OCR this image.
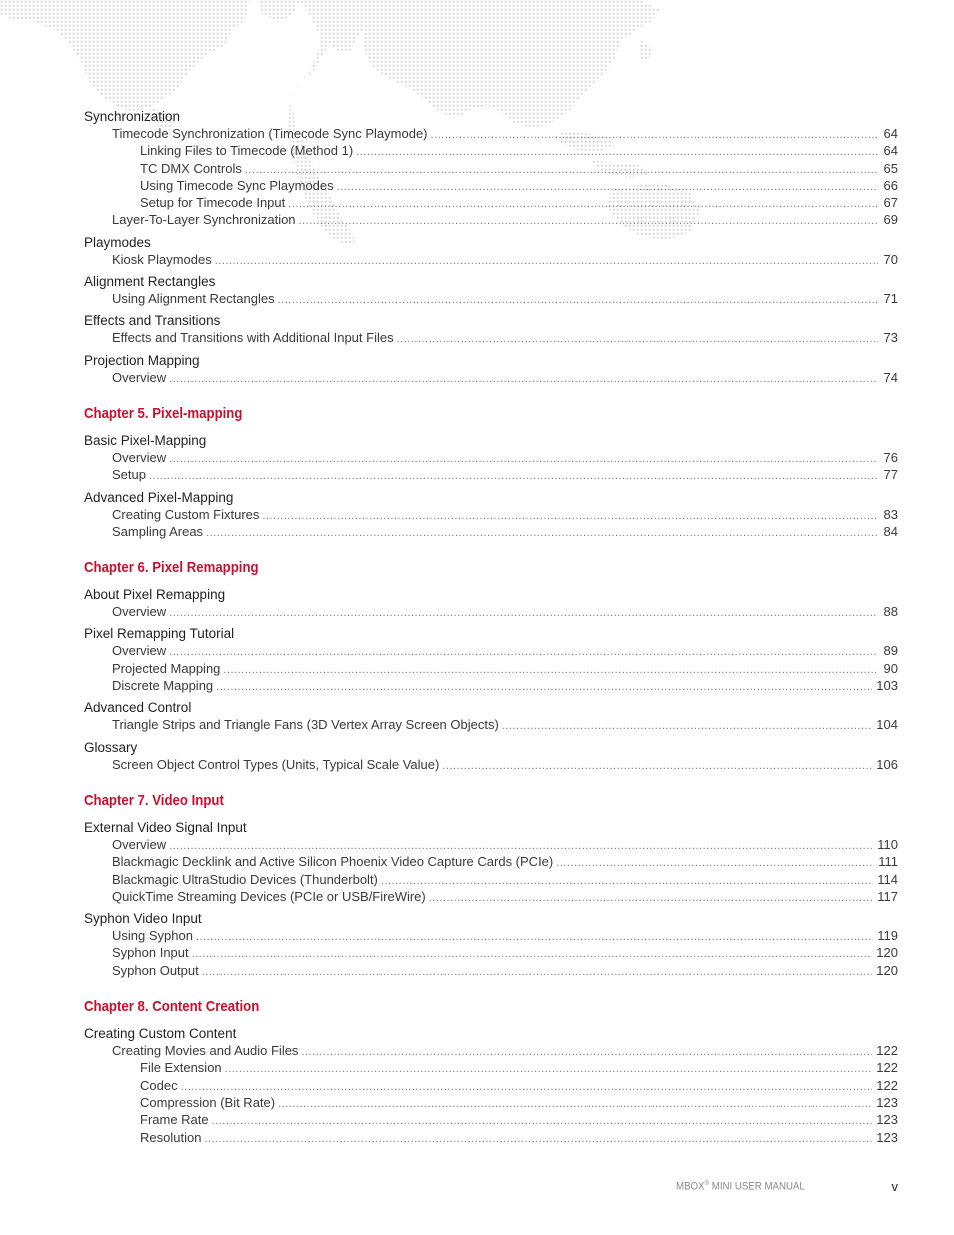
Synchronization
Timecode Synchronization (Timecode Sync Playmode) .....	64
Linking Files to Timecode (Method 1) .....	64
TC DMX Controls .....	65
Using Timecode Sync Playmodes .....	66
Setup for Timecode Input .....	67
Layer-To-Layer Synchronization .....	69
Playmodes
Kiosk Playmodes .....	70
Alignment Rectangles
Using Alignment Rectangles .....	71
Effects and Transitions
Effects and Transitions with Additional Input Files .....	73
Projection Mapping
Overview .....	74
Chapter 5. Pixel-mapping
Basic Pixel-Mapping
Overview .....	76
Setup .....	77
Advanced Pixel-Mapping
Creating Custom Fixtures .....	83
Sampling Areas .....	84
Chapter 6. Pixel Remapping
About Pixel Remapping
Overview .....	88
Pixel Remapping Tutorial
Overview .....	89
Projected Mapping .....	90
Discrete Mapping .....	103
Advanced Control
Triangle Strips and Triangle Fans (3D Vertex Array Screen Objects) .....	104
Glossary
Screen Object Control Types (Units, Typical Scale Value) .....	106
Chapter 7. Video Input
External Video Signal Input
Overview .....	110
Blackmagic Decklink and Active Silicon Phoenix Video Capture Cards (PCIe) .....	111
Blackmagic UltraStudio Devices (Thunderbolt) .....	114
QuickTime Streaming Devices (PCIe or USB/FireWire) .....	117
Syphon Video Input
Using Syphon .....	119
Syphon Input .....	120
Syphon Output .....	120
Chapter 8. Content Creation
Creating Custom Content
Creating Movies and Audio Files .....	122
File Extension .....	122
Codec .....	122
Compression (Bit Rate) .....	123
Frame Rate .....	123
Resolution .....	123
MBOX® MINI USER MANUAL	v
